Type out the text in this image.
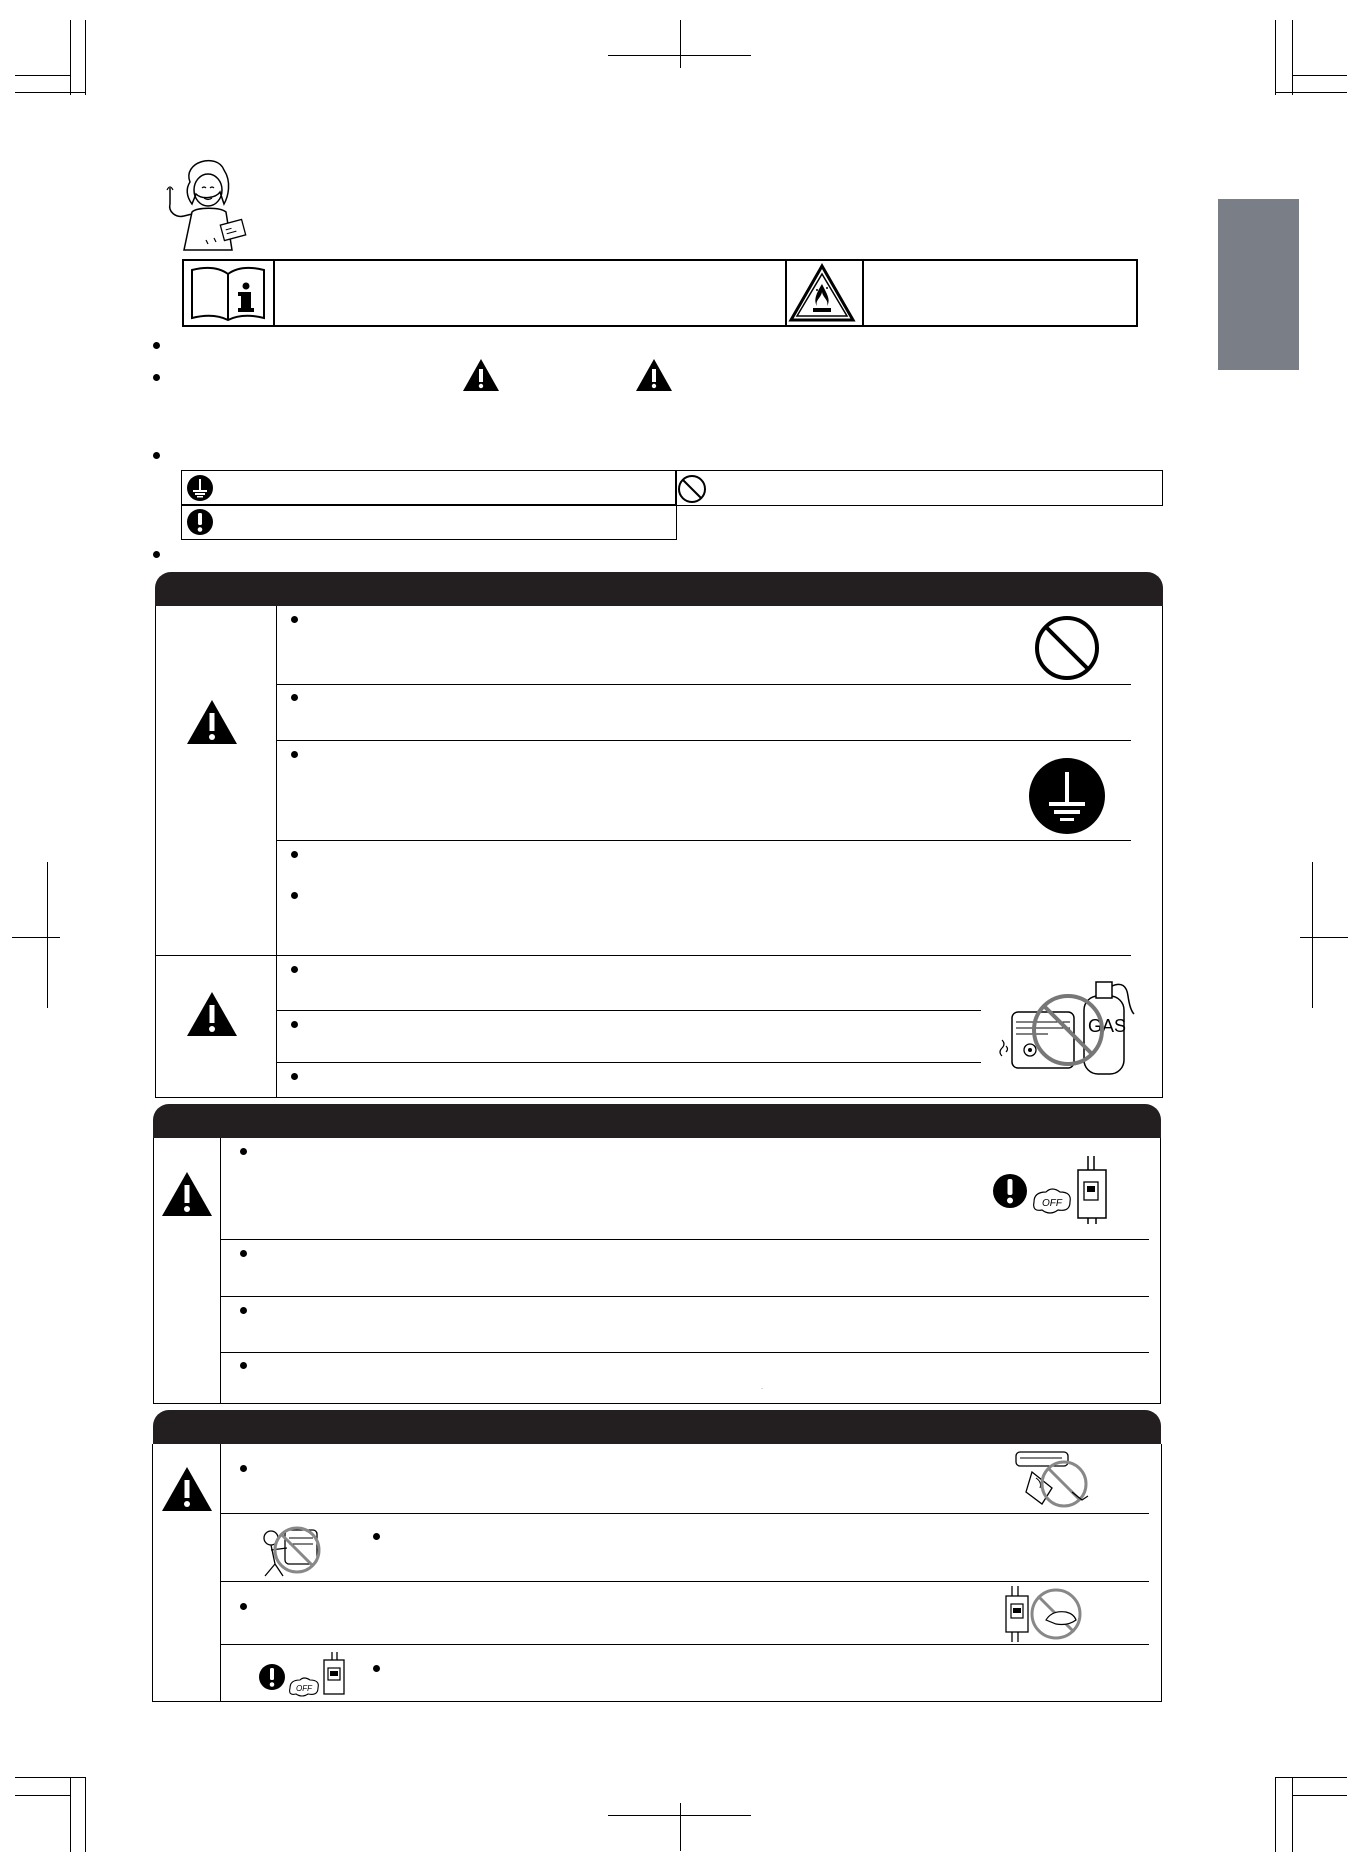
GAS
·
OFF
OFF
